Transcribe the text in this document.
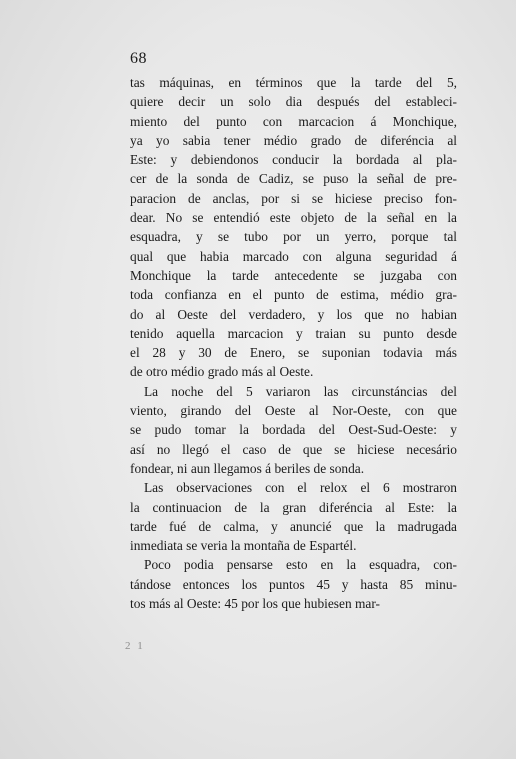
68

tas máquinas, en términos que la tarde del 5,
quiere decir un solo dia después del estableci-
miento del punto con marcacion á Monchique,
ya yo sabia tener médio grado de diferéncia al
Este: y debiendonos conducir la bordada al pla-
cer de la sonda de Cadiz, se puso la señal de pre-
paracion de anclas, por si se hiciese preciso fon-
dear. No se entendió este objeto de la señal en la
esquadra, y se tubo por un yerro, porque tal
qual que habia marcado con alguna seguridad á
Monchique la tarde antecedente se juzgaba con
toda confianza en el punto de estima, médio gra-
do al Oeste del verdadero, y los que no habian
tenido aquella marcacion y traian su punto desde
el 28 y 30 de Enero, se suponian todavia más
de otro médio grado más al Oeste.

La noche del 5 variaron las circunstáncias del
viento, girando del Oeste al Nor-Oeste, con que
se pudo tomar la bordada del Oest-Sud-Oeste: y
así no llegó el caso de que se hiciese necesário
fondear, ni aun llegamos á beriles de sonda.

Las observaciones con el relox el 6 mostraron
la continuacion de la gran diferéncia al Este: la
tarde fué de calma, y anuncié que la madrugada
inmediata se veria la montaña de Espartél.

Poco podia pensarse esto en la esquadra, con-
tándose entonces los puntos 45 y hasta 85 minu-
tos más al Oeste: 45 por los que hubiesen mar-

2 1
